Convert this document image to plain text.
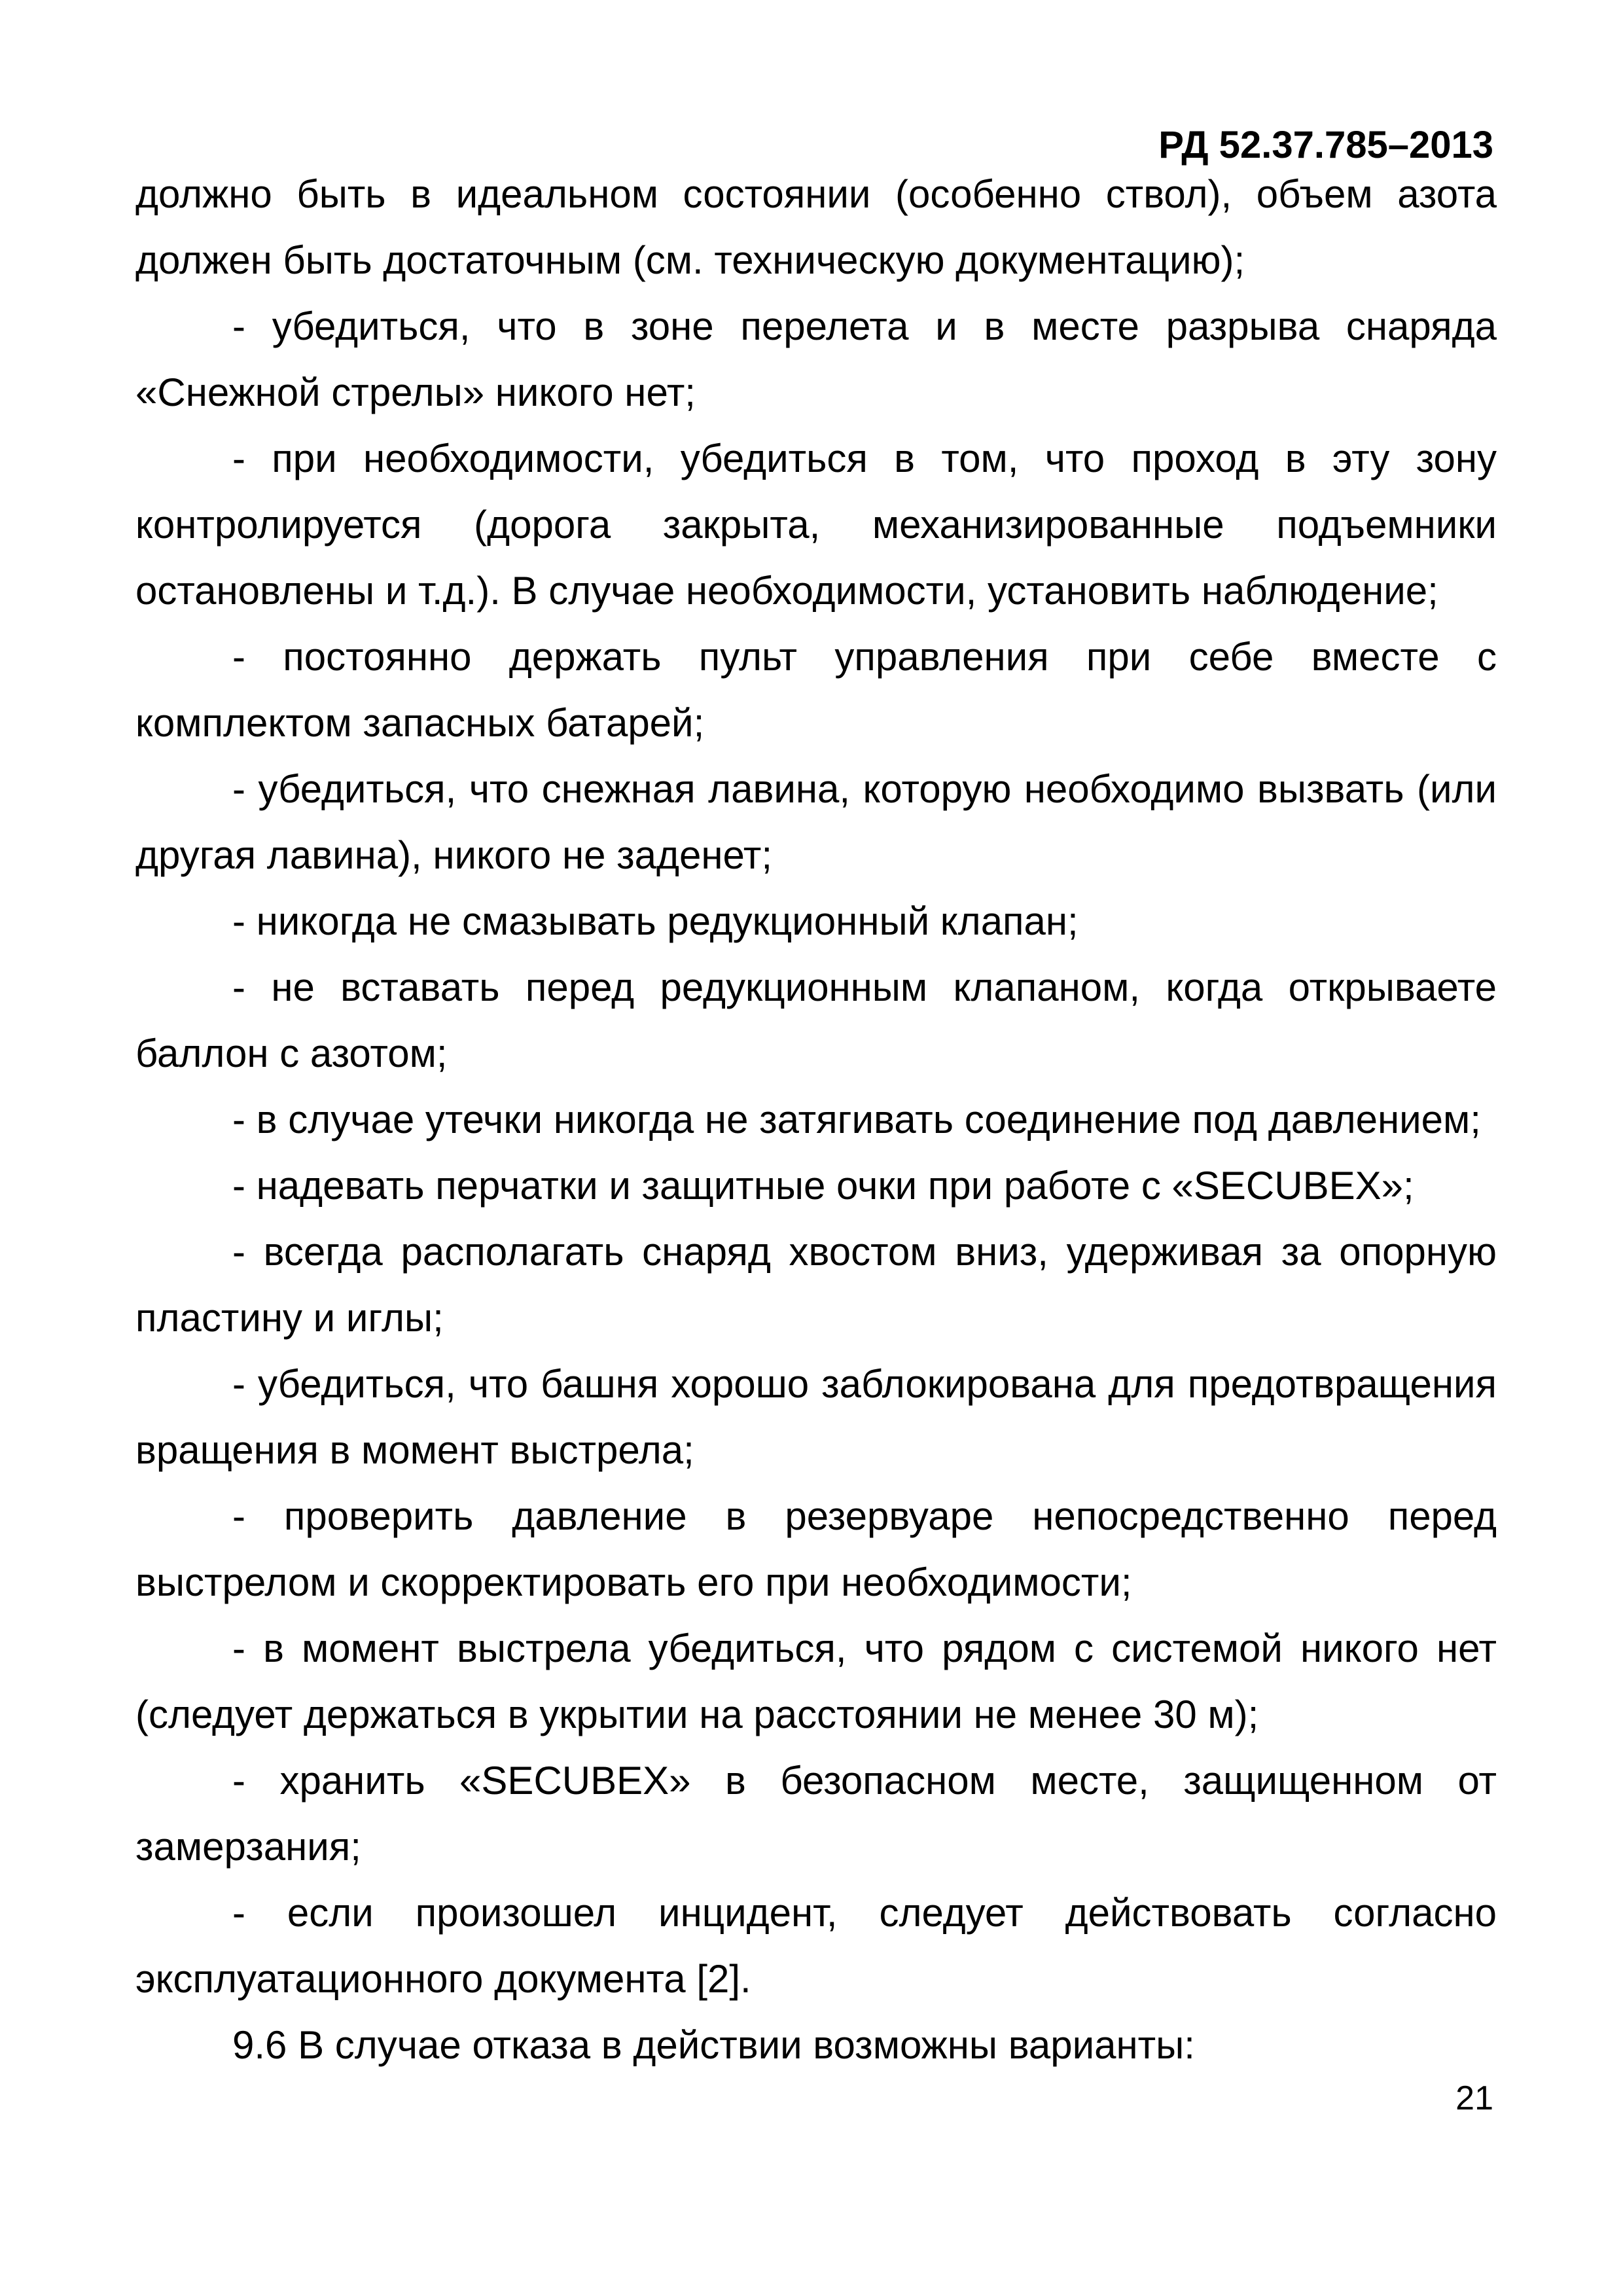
РД 52.37.785–2013

должно быть в идеальном состоянии (особенно ствол), объем азота должен быть достаточным (см. техническую документацию);

- убедиться, что в зоне перелета и в месте разрыва снаряда «Снежной стрелы» никого нет;

- при необходимости, убедиться в том, что проход в эту зону контролируется (дорога закрыта, механизированные подъемники остановлены и т.д.). В случае необходимости, установить наблюдение;

- постоянно держать пульт управления при себе вместе с комплектом запасных батарей;

- убедиться, что снежная лавина, которую необходимо вызвать (или другая лавина), никого не заденет;

- никогда не смазывать редукционный клапан;

- не вставать перед редукционным клапаном, когда открываете баллон с азотом;

- в случае утечки никогда не затягивать соединение под давлением;

- надевать перчатки и защитные очки при работе с «SECUBEX»;

- всегда располагать снаряд хвостом вниз, удерживая за опорную пластину и иглы;

- убедиться, что башня хорошо заблокирована для предотвращения вращения в момент выстрела;

- проверить давление в резервуаре непосредственно перед выстрелом и скорректировать его при необходимости;

- в момент выстрела убедиться, что рядом с системой никого нет (следует держаться в укрытии на расстоянии не менее 30 м);

- хранить «SECUBEX» в безопасном месте, защищенном от замерзания;

- если произошел инцидент, следует действовать согласно эксплуатационного документа [2].

9.6 В случае отказа в действии возможны варианты:

21
